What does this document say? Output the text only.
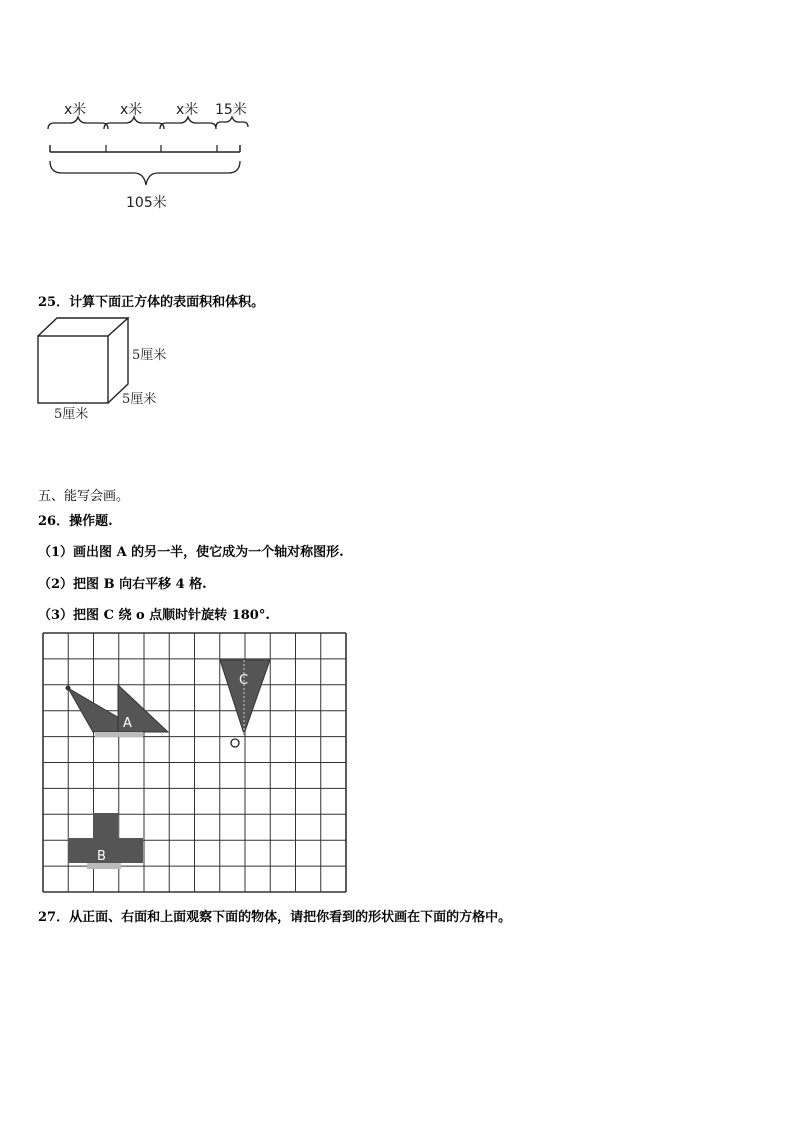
x米 x米 x米 15米
105米
25．计算下面正方体的表面积和体积。
5厘米
5厘米
5厘米
五、能写会画。
26．操作题.
（1）画出图 A 的另一半，使它成为一个轴对称图形.
（2）把图 B 向右平移 4 格.
（3）把图 C 绕 o 点顺时针旋转 180°.
A
B
C
27．从正面、右面和上面观察下面的物体，请把你看到的形状画在下面的方格中。
